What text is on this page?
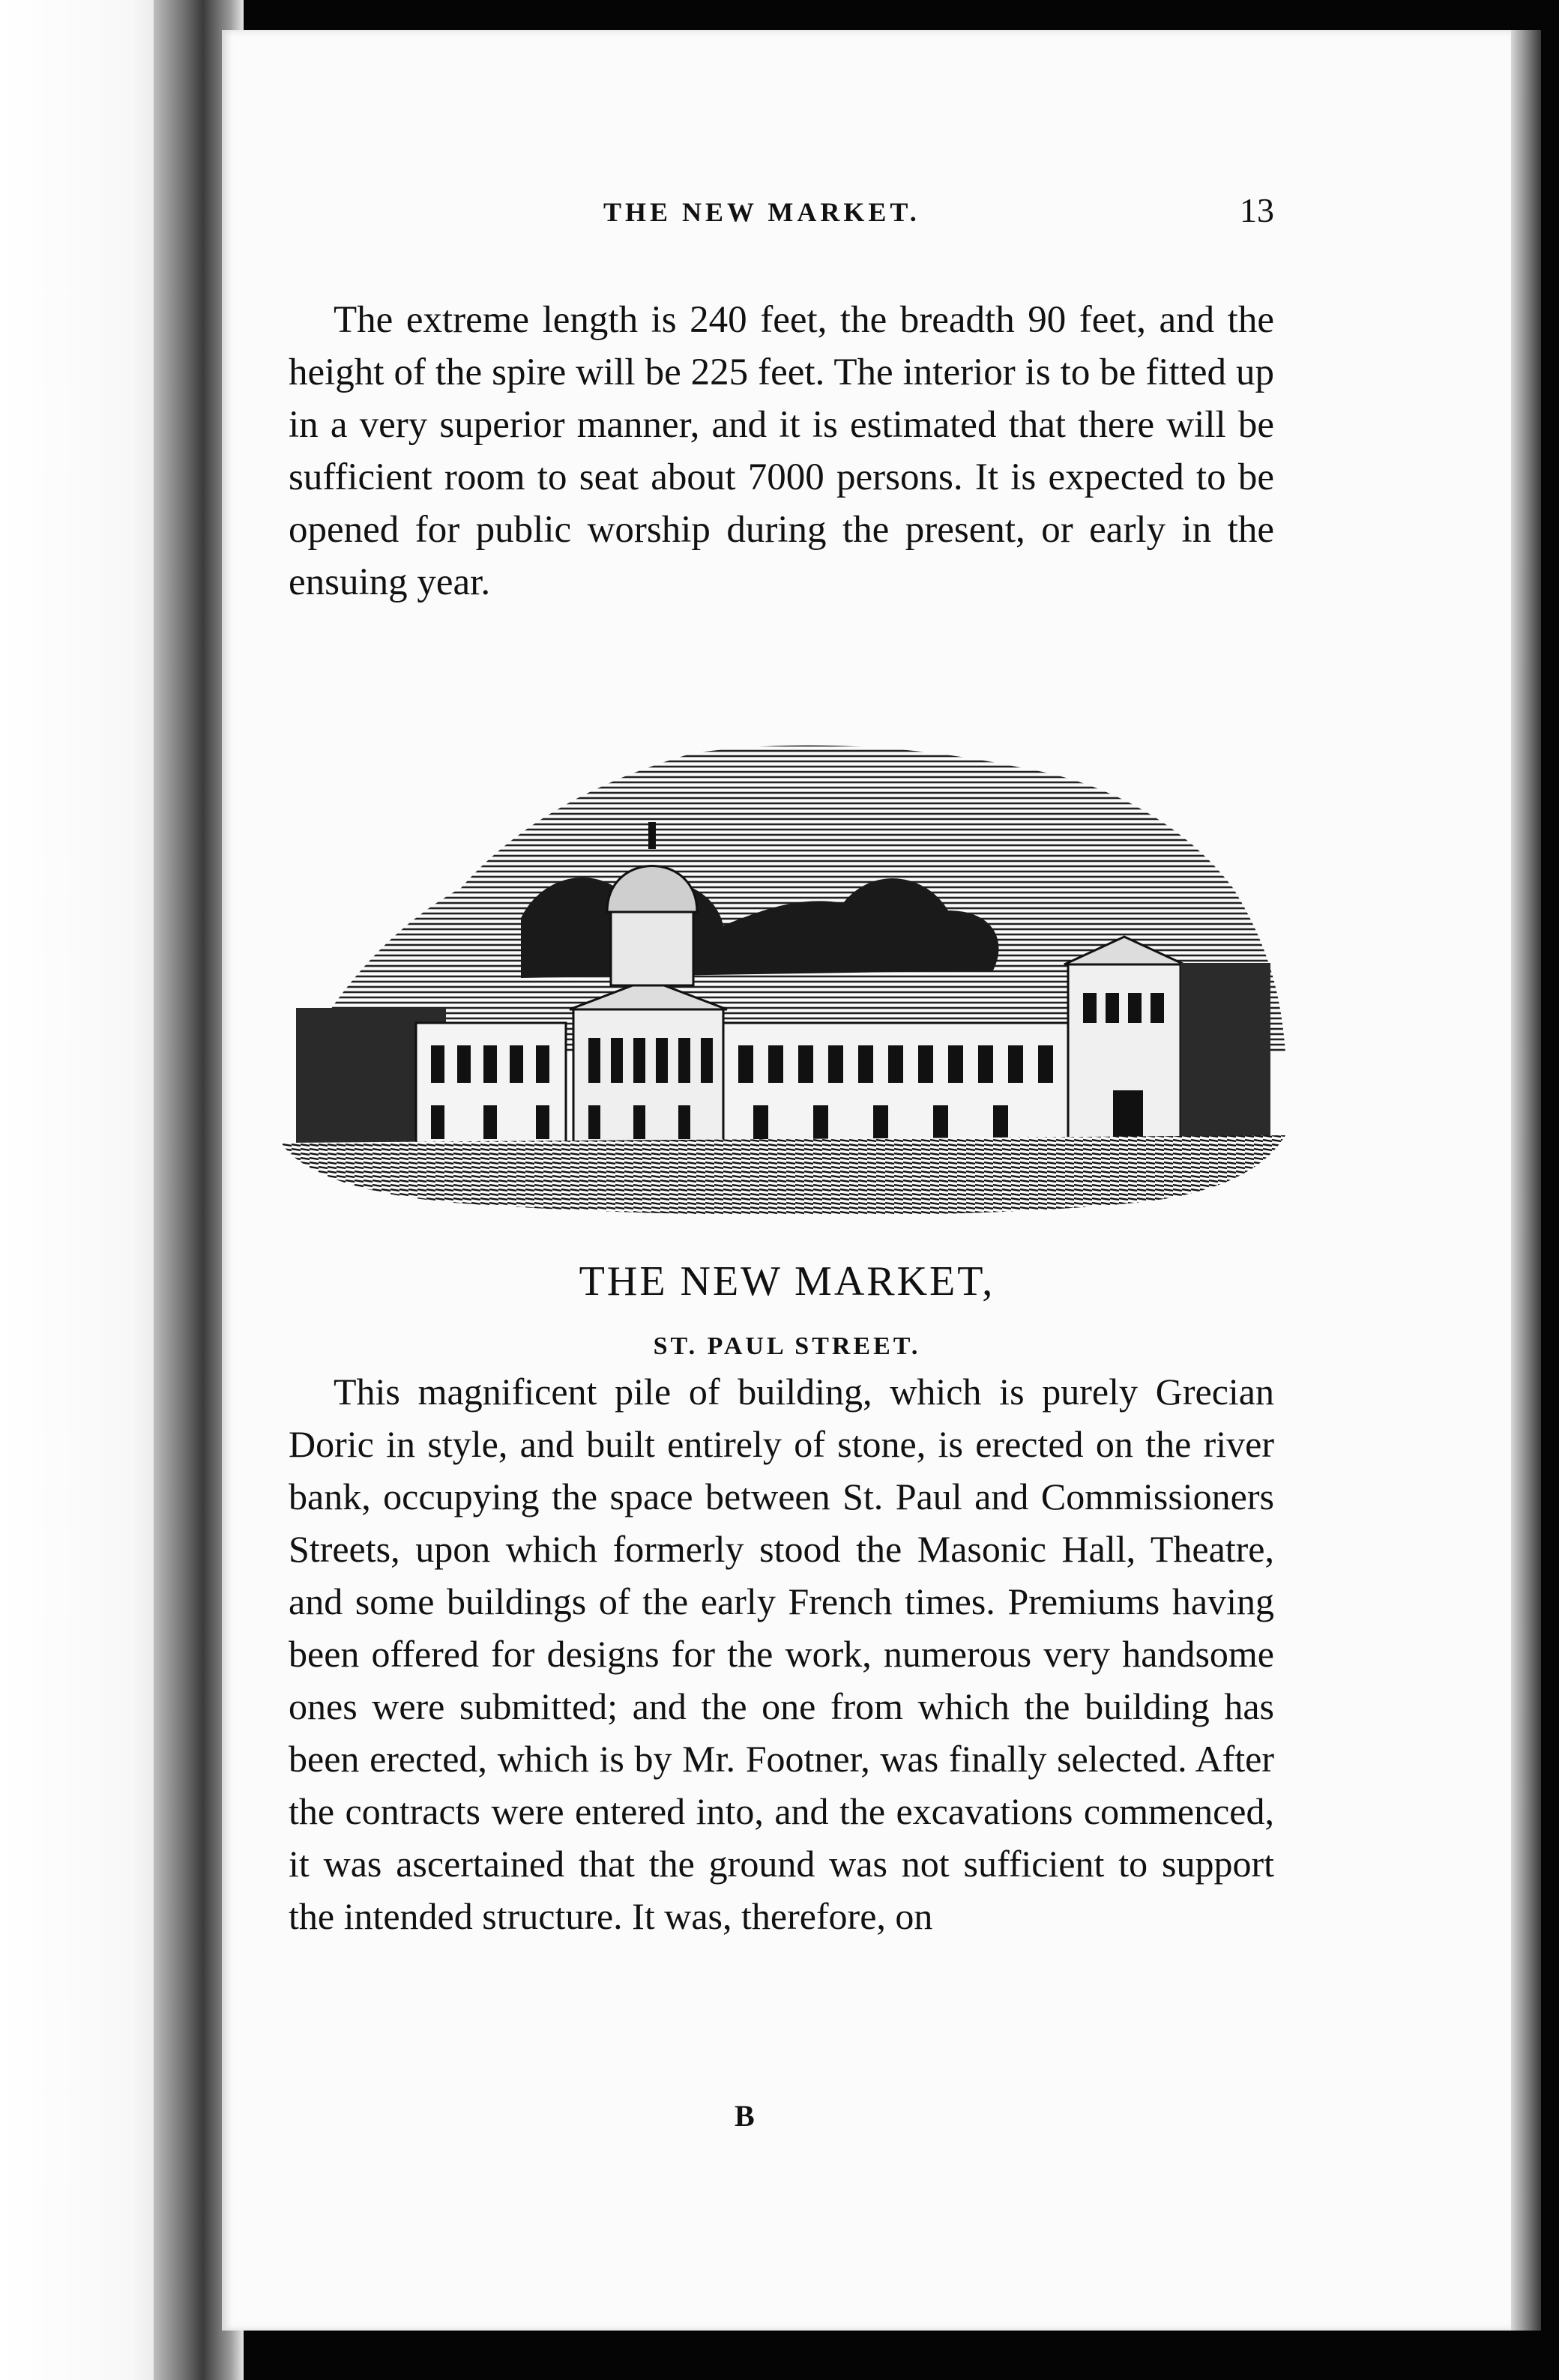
THE NEW MARKET.	13

The extreme length is 240 feet, the breadth 90 feet, and the height of the spire will be 225 feet. The interior is to be fitted up in a very superior manner, and it is estimated that there will be sufficient room to seat about 7000 persons. It is expected to be opened for public worship during the present, or early in the ensuing year.

THE NEW MARKET,
ST. PAUL STREET.

This magnificent pile of building, which is purely Grecian Doric in style, and built entirely of stone, is erected on the river bank, occupying the space between St. Paul and Commissioners Streets, upon which formerly stood the Masonic Hall, Theatre, and some buildings of the early French times. Premiums having been offered for designs for the work, numerous very handsome ones were submitted; and the one from which the building has been erected, which is by Mr. Footner, was finally selected. After the contracts were entered into, and the excavations commenced, it was ascertained that the ground was not sufficient to support the intended structure. It was, therefore, on

B
